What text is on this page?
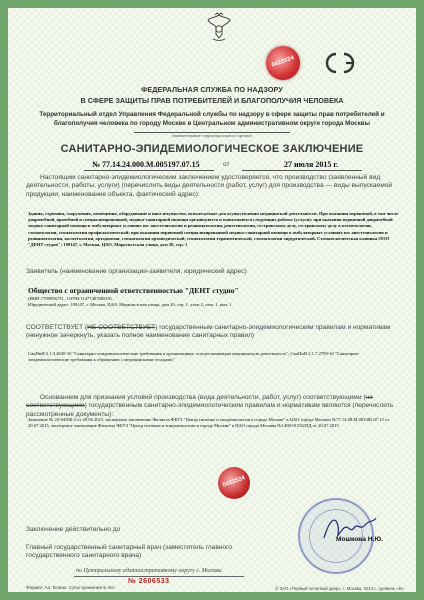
0422524
ФЕДЕРАЛЬНАЯ СЛУЖБА ПО НАДЗОРУ
В СФЕРЕ ЗАЩИТЫ ПРАВ ПОТРЕБИТЕЛЕЙ И БЛАГОПОЛУЧИЯ ЧЕЛОВЕКА
Территориальный отдел Управления Федеральной службы по надзору в сфере защиты прав потребителей и благополучия человека по городу Москве в Центральном административном округе города Москвы
(наименование территориального органа)
САНИТАРНО-ЭПИДЕМИОЛОГИЧЕСКОЕ ЗАКЛЮЧЕНИЕ
№ 77.14.24.000.М.005197.07.15	от	27 июля 2015 г.
Настоящим санитарно-эпидемиологическим заключением удостоверяется, что производство (заявленный вид деятельности, работы, услуги) (перечислить виды деятельности (работ, услуг) для производства — виды выпускаемой продукции; наименование объекта, фактический адрес):
Здания, строения, сооружения, помещения, оборудование и иное имущество, используемые для осуществления медицинской деятельности. При оказании первичной, в том числе доврачебной, врачебной и специализированной, медико-санитарной помощи организуются и выполняются следующие работы (услуги): при оказании первичной доврачебной медико-санитарной помощи в амбулаторных условиях по: анестезиологии и реаниматологии, рентгенологии, сестринскому делу, сестринскому делу в косметологии, стоматологии, стоматологии профилактической; при оказании первичной специализированной медико-санитарной помощи в амбулаторных условиях по: анестезиологии и реаниматологии, косметологии, ортодонтии, стоматологии ортопедической, стоматологии терапевтической, стоматологии хирургической. Стоматологическая клиника ООО "ДЕНТ студио"; 109147, г. Москва, ЦАО, Марксистская улица, дом 20, стр. 1
Заявитель (наименование организации-заявителя, юридический адрес)
Общество с ограниченной ответственностью "ДЕНТ студио"
(ИНН:7709956751 , ОГРН:1147746706910)
Юридический адрес: 109147, г. Москва, ЦАО, Марксистская улица, дом 20, стр. 1, этаж 2, пом. 1, ком. 1
СООТВЕТСТВУЕТ (НЕ СООТВЕТСТВУЕТ) государственным санитарно-эпидемиологическим правилам и нормативам (ненужное зачеркнуть, указать полное наименование санитарных правил)
СанПиН 2.1.3.2630-10 "Санитарно-эпидемиологические требования к организациям, осуществляющим медицинскую деятельность"; СанПиН 2.1.7.2790-10 "Санитарно-эпидемиологические требования к обращению с медицинскими отходами"
Основанием для признания условий производства (вида деятельности, работ, услуг) соответствующими (не соответствующими) государственным санитарно-эпидемиологическим правилам и нормативам являются (перечислить рассмотренные документы):
Заявление № 23-04308-2 от 29.06.2015, экспертное заключение Филиала ФБУЗ "Центр гигиены и эпидемиологии в городе Москве" в ЦАО города Москвы №77.14.08.М.003382.07.15 от 20.07.2015, экспертное заключение Филиала ФБУЗ "Центр гигиены и эпидемиологии в городе Москве" в ЦАО города Москвы №1408-01532/ПД от 20.07.2015
0422524
Мошкова Н.Ю.
Заключение действительно до
Главный государственный санитарный врач (заместитель главного государственного санитарного врача)
по Центральному административному округу г. Москвы
№ 2606533
Формат А4. Бланк. Срок хранения 5 лет.	© ЗАО «Первый печатный двор», г. Москва, 2014 г., уровень «В»
